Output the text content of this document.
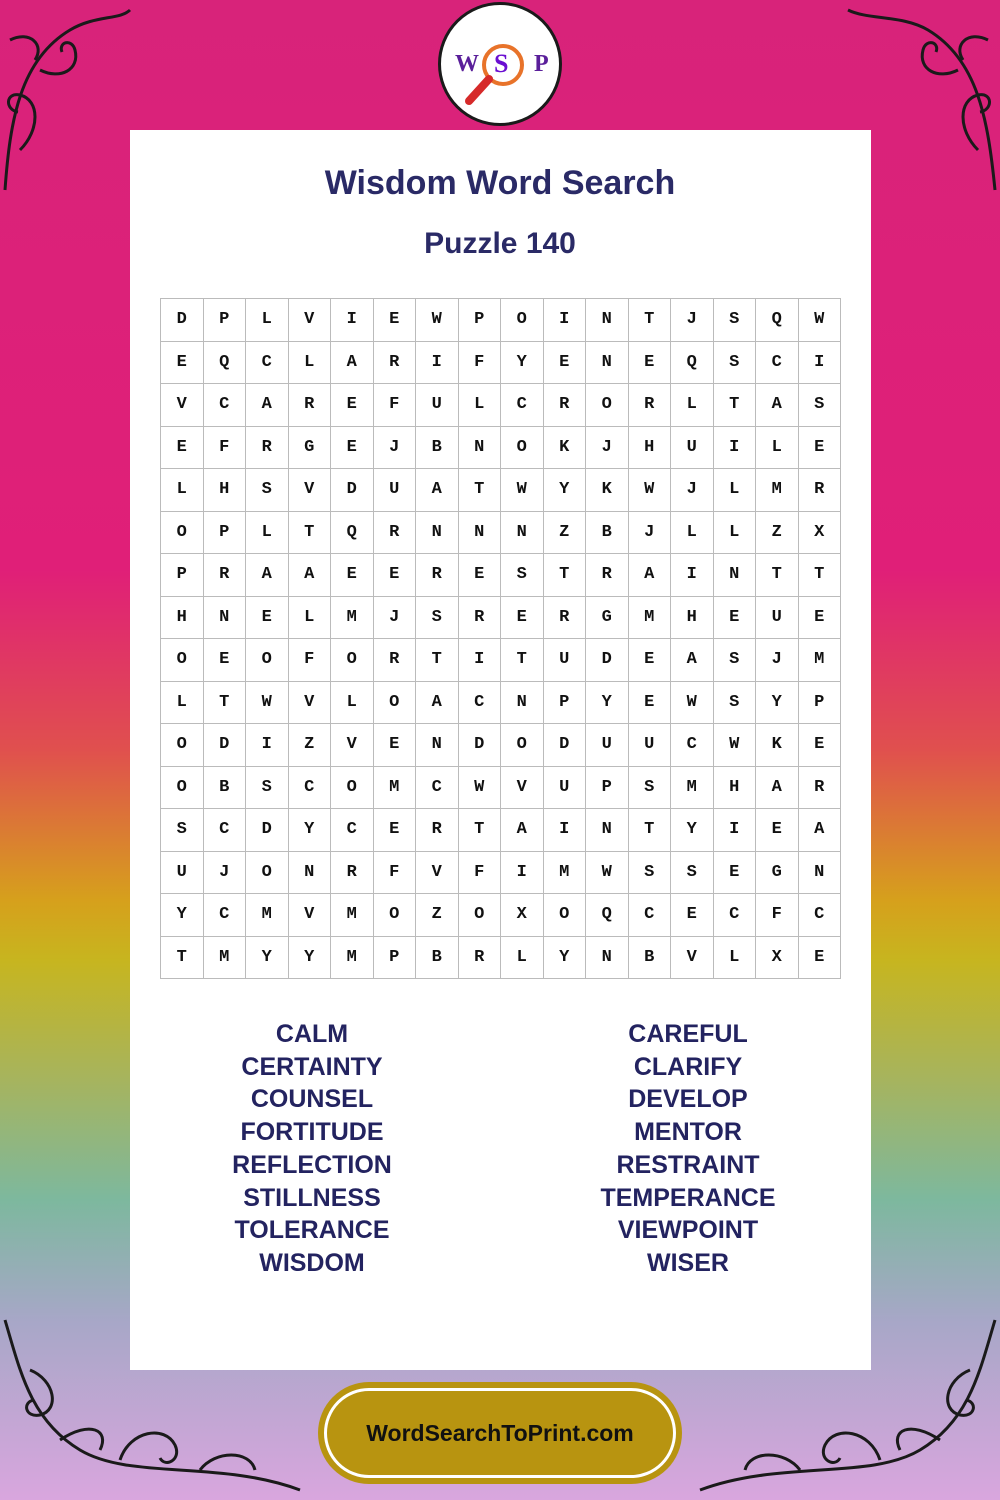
W S P
Wisdom Word Search
Puzzle 140
D	P	L	V	I	E	W	P	O	I	N	T	J	S	Q	W
E	Q	C	L	A	R	I	F	Y	E	N	E	Q	S	C	I
V	C	A	R	E	F	U	L	C	R	O	R	L	T	A	S
E	F	R	G	E	J	B	N	O	K	J	H	U	I	L	E
L	H	S	V	D	U	A	T	W	Y	K	W	J	L	M	R
O	P	L	T	Q	R	N	N	N	Z	B	J	L	L	Z	X
P	R	A	A	E	E	R	E	S	T	R	A	I	N	T	T
H	N	E	L	M	J	S	R	E	R	G	M	H	E	U	E
O	E	O	F	O	R	T	I	T	U	D	E	A	S	J	M
L	T	W	V	L	O	A	C	N	P	Y	E	W	S	Y	P
O	D	I	Z	V	E	N	D	O	D	U	U	C	W	K	E
O	B	S	C	O	M	C	W	V	U	P	S	M	H	A	R
S	C	D	Y	C	E	R	T	A	I	N	T	Y	I	E	A
U	J	O	N	R	F	V	F	I	M	W	S	S	E	G	N
Y	C	M	V	M	O	Z	O	X	O	Q	C	E	C	F	C
T	M	Y	Y	M	P	B	R	L	Y	N	B	V	L	X	E
CALM
CERTAINTY
COUNSEL
FORTITUDE
REFLECTION
STILLNESS
TOLERANCE
WISDOM
CAREFUL
CLARIFY
DEVELOP
MENTOR
RESTRAINT
TEMPERANCE
VIEWPOINT
WISER
WordSearchToPrint.com
